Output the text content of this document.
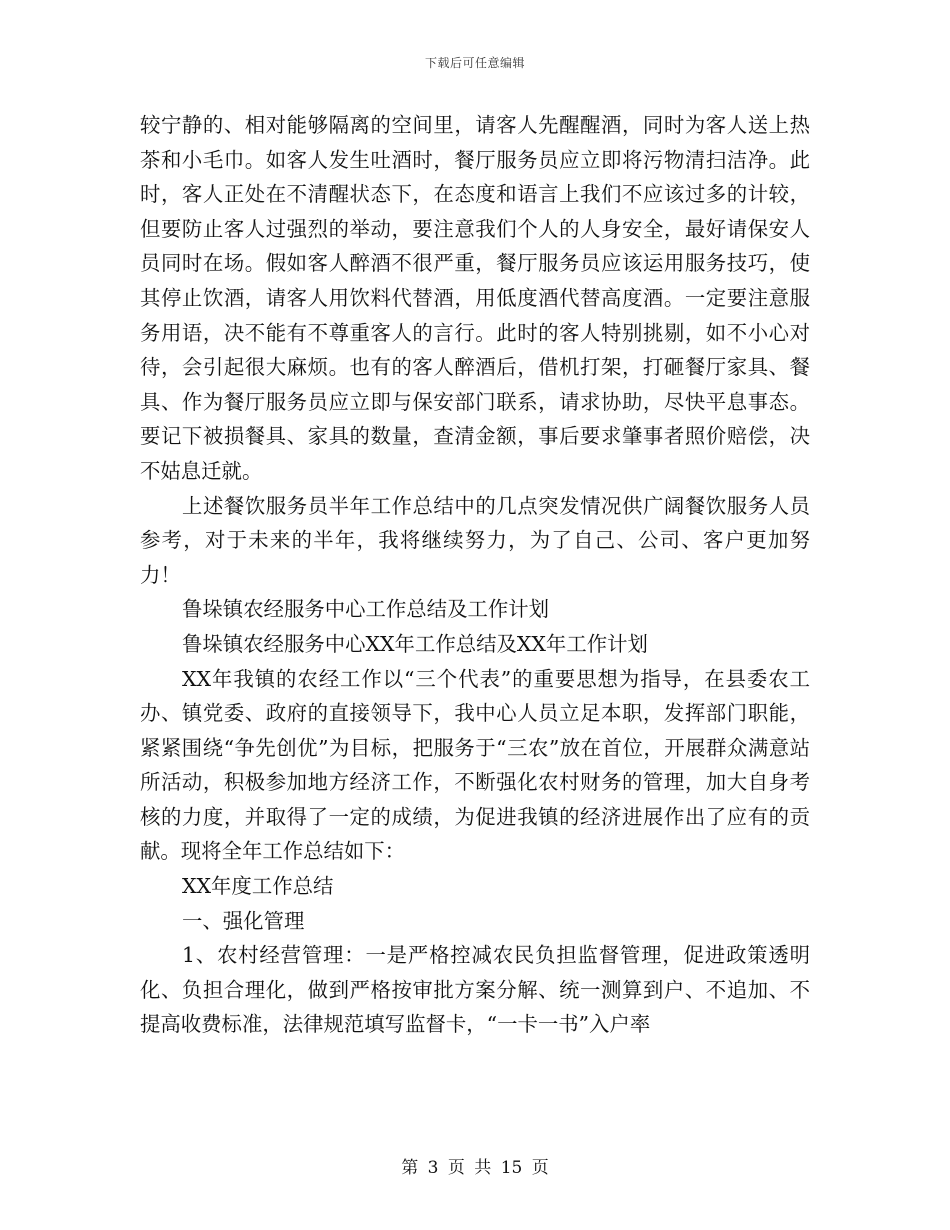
下载后可任意编辑

较宁静的、相对能够隔离的空间里，请客人先醒醒酒，同时为客人送上热茶和小毛巾。如客人发生吐酒时，餐厅服务员应立即将污物清扫洁净。此时，客人正处在不清醒状态下，在态度和语言上我们不应该过多的计较，但要防止客人过强烈的举动，要注意我们个人的人身安全，最好请保安人员同时在场。假如客人醉酒不很严重，餐厅服务员应该运用服务技巧，使其停止饮酒，请客人用饮料代替酒，用低度酒代替高度酒。一定要注意服务用语，决不能有不尊重客人的言行。此时的客人特别挑剔，如不小心对待，会引起很大麻烦。也有的客人醉酒后，借机打架，打砸餐厅家具、餐具、作为餐厅服务员应立即与保安部门联系，请求协助，尽快平息事态。要记下被损餐具、家具的数量，查清金额，事后要求肇事者照价赔偿，决不姑息迁就。

上述餐饮服务员半年工作总结中的几点突发情况供广阔餐饮服务人员参考，对于未来的半年，我将继续努力，为了自己、公司、客户更加努力！

鲁垛镇农经服务中心工作总结及工作计划

鲁垛镇农经服务中心XX年工作总结及XX年工作计划

XX年我镇的农经工作以“三个代表”的重要思想为指导，在县委农工办、镇党委、政府的直接领导下，我中心人员立足本职，发挥部门职能，紧紧围绕“争先创优”为目标，把服务于“三农”放在首位，开展群众满意站所活动，积极参加地方经济工作，不断强化农村财务的管理，加大自身考核的力度，并取得了一定的成绩，为促进我镇的经济进展作出了应有的贡献。现将全年工作总结如下：

XX年度工作总结

一、强化管理

1、农村经营管理：一是严格控减农民负担监督管理，促进政策透明化、负担合理化，做到严格按审批方案分解、统一测算到户、不追加、不提高收费标准，法律规范填写监督卡，“一卡一书”入户率

第 3 页 共 15 页
